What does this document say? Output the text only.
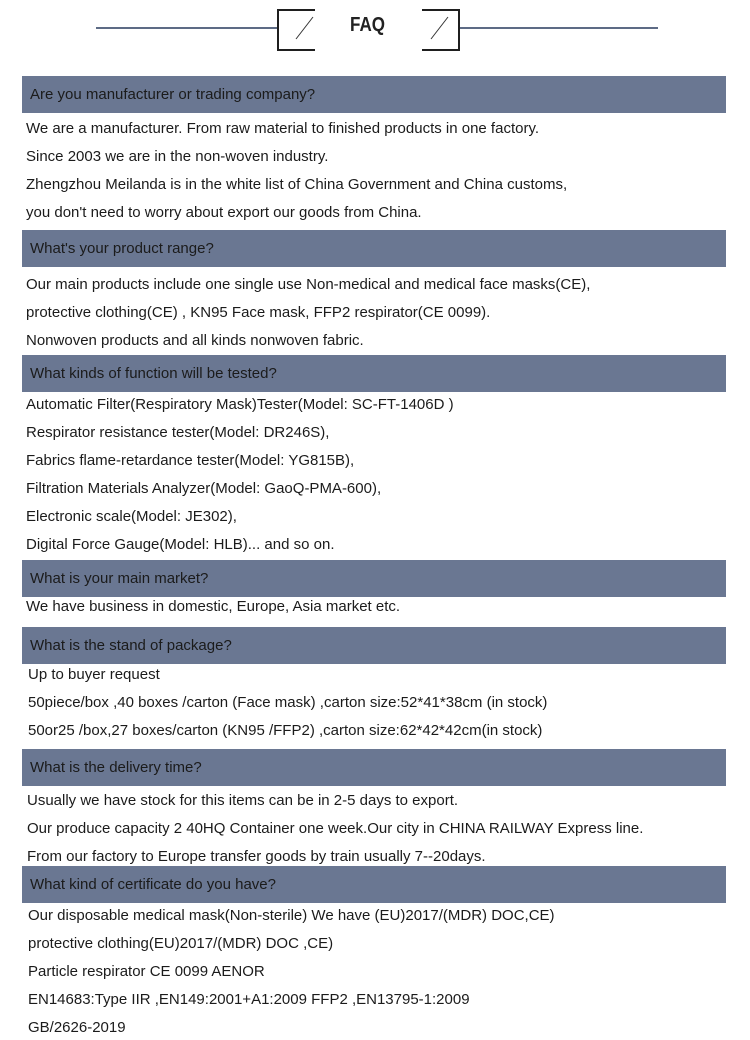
FAQ
Are you manufacturer or trading company?
We are a manufacturer. From raw material to finished products in one factory.
Since 2003 we are in the non-woven industry.
Zhengzhou Meilanda is in the white list of China Government and China customs,
you don't need to worry about export our goods from China.
What's your product range?
Our main products include one single use Non-medical and medical face masks(CE),
protective clothing(CE) , KN95 Face mask, FFP2 respirator(CE 0099).
Nonwoven products and all kinds nonwoven fabric.
What kinds of function will be tested?
Automatic Filter(Respiratory Mask)Tester(Model: SC-FT-1406D )
Respirator resistance tester(Model: DR246S),
Fabrics flame-retardance tester(Model: YG815B),
Filtration Materials Analyzer(Model: GaoQ-PMA-600),
Electronic scale(Model: JE302),
Digital Force Gauge(Model: HLB)... and so on.
What is your main market?
We have business in domestic, Europe, Asia market etc.
What is the stand of package?
Up to buyer request
50piece/box ,40 boxes /carton (Face mask) ,carton size:52*41*38cm (in stock)
50or25 /box,27 boxes/carton (KN95 /FFP2) ,carton size:62*42*42cm(in stock)
What is the delivery time?
Usually we have stock for this items can be in 2-5 days to export.
Our produce capacity 2 40HQ Container one week.Our city in CHINA RAILWAY Express line.
From our factory to Europe transfer goods by train usually 7--20days.
What kind of certificate do you have?
Our disposable medical mask(Non-sterile) We have (EU)2017/(MDR) DOC,CE)
protective clothing(EU)2017/(MDR) DOC ,CE)
Particle respirator CE 0099 AENOR
EN14683:Type IIR ,EN149:2001+A1:2009 FFP2 ,EN13795-1:2009
GB/2626-2019
